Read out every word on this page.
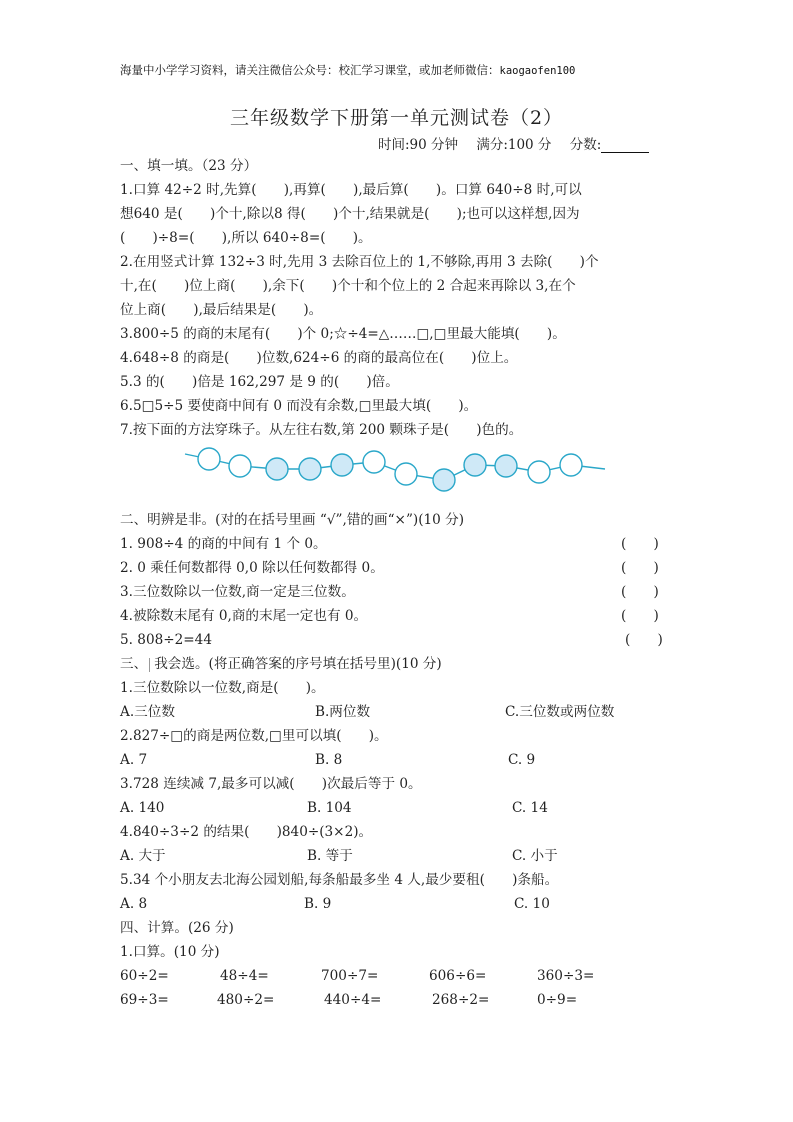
海量中小学学习资料，请关注微信公众号：校汇学习课堂，或加老师微信：kaogaofen100
三年级数学下册第一单元测试卷（2）
时间:90 分钟 满分:100 分 分数:
一、填一填。（23 分）
1.口算 42÷2 时,先算(　　),再算(　　),最后算(　　)。口算 640÷8 时,可以
想640 是(　　)个十,除以8 得(　　)个十,结果就是(　　);也可以这样想,因为
(　　)÷8=(　　),所以 640÷8=(　　)。
2.在用竖式计算 132÷3 时,先用 3 去除百位上的 1,不够除,再用 3 去除(　　)个
十,在(　　)位上商(　　),余下(　　)个十和个位上的 2 合起来再除以 3,在个
位上商(　　),最后结果是(　　)。
3.800÷5 的商的末尾有(　　)个 0;☆÷4=△……□,□里最大能填(　　)。
4.648÷8 的商是(　　)位数,624÷6 的商的最高位在(　　)位上。
5.3 的(　　)倍是 162,297 是 9 的(　　)倍。
6.5□5÷5 要使商中间有 0 而没有余数,□里最大填(　　)。
7.按下面的方法穿珠子。从左往右数,第 200 颗珠子是(　　)色的。
二、明辨是非。(对的在括号里画 “√”,错的画“×”)(10 分)
1. 908÷4 的商的中间有 1 个 0。	(　　)
2. 0 乘任何数都得 0,0 除以任何数都得 0。	(　　)
3.三位数除以一位数,商一定是三位数。	(　　)
4.被除数末尾有 0,商的末尾一定也有 0。	(　　)
5. 808÷2=44	(　　)
三、 我会选。(将正确答案的序号填在括号里)(10 分)
1.三位数除以一位数,商是(　　)。
A.三位数	B.两位数	C.三位数或两位数
2.827÷□的商是两位数,□里可以填(　　)。
A. 7	B. 8	C. 9
3.728 连续减 7,最多可以减(　　)次最后等于 0。
A. 140	B. 104	C. 14
4.840÷3÷2 的结果(　　)840÷(3×2)。
A. 大于	B. 等于	C. 小于
5.34 个小朋友去北海公园划船,每条船最多坐 4 人,最少要租(　　)条船。
A. 8	B. 9	C. 10
四、计算。(26 分)
1.口算。(10 分)
60÷2=	48÷4=	700÷7=	606÷6=	360÷3=
69÷3=	480÷2=	440÷4=	268÷2=	0÷9=
